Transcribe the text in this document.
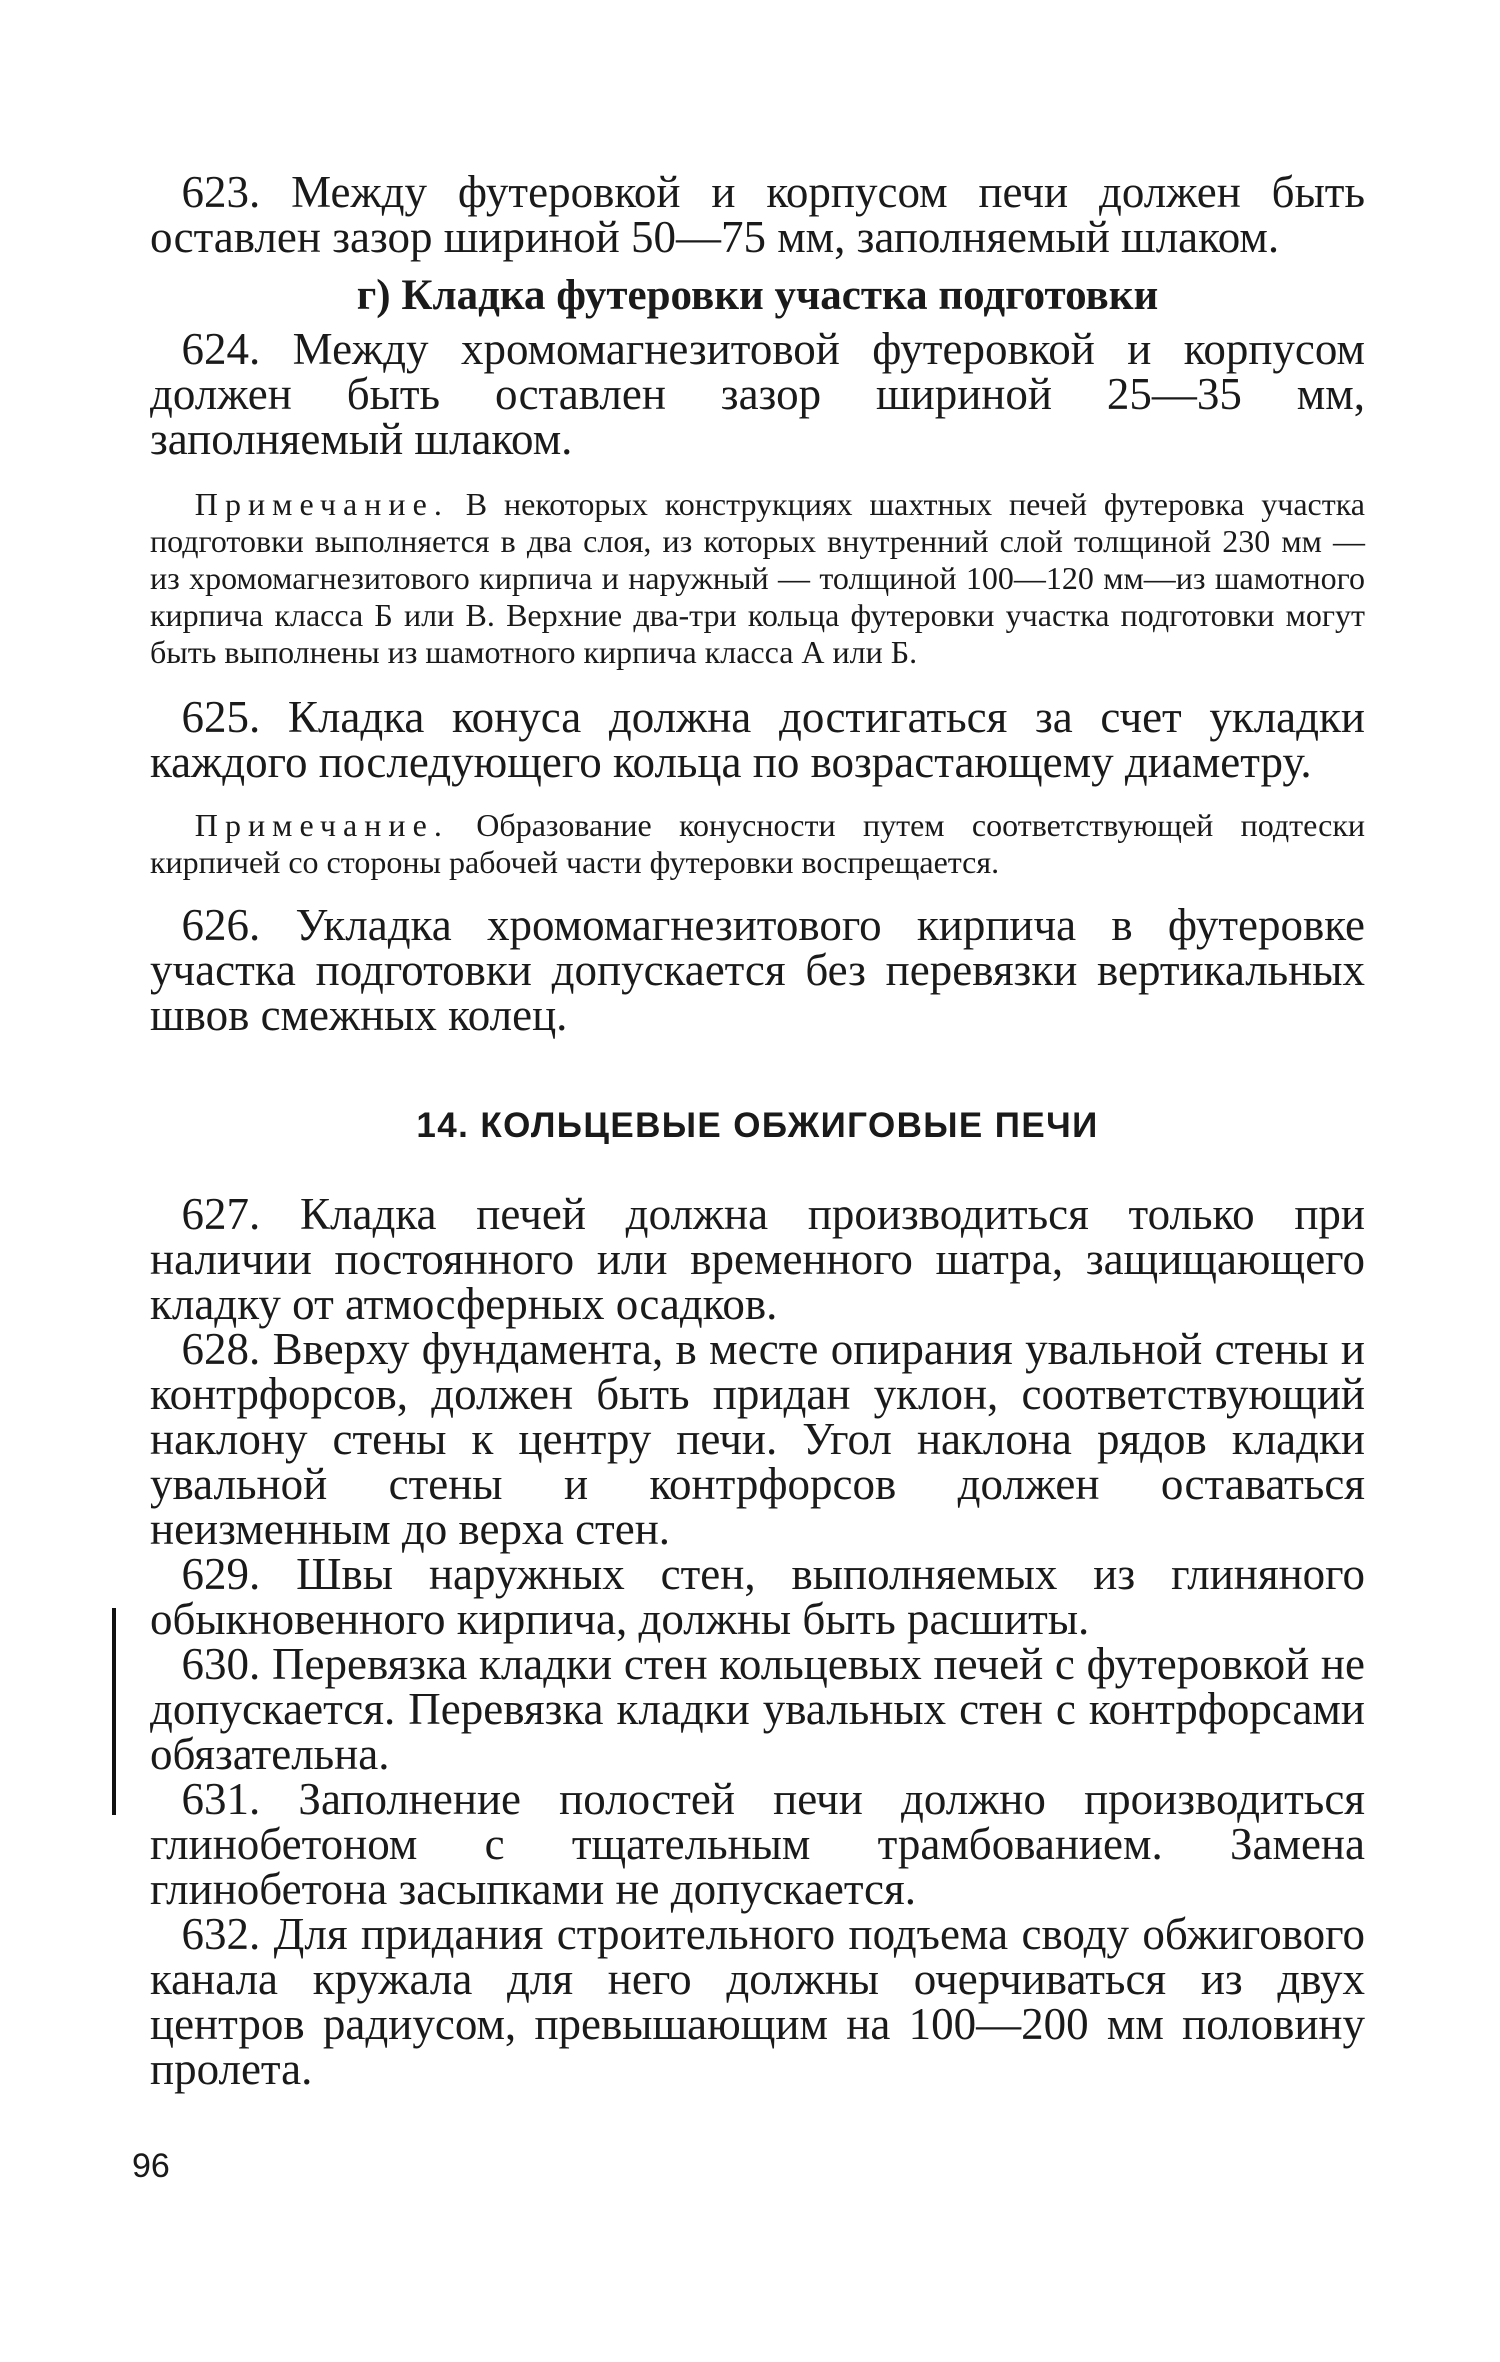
623. Между футеровкой и корпусом печи должен быть оставлен зазор шириной 50—75 мм, заполняемый шлаком.

г) Кладка футеровки участка подготовки

624. Между хромомагнезитовой футеровкой и корпусом должен быть оставлен зазор шириной 25—35 мм, заполняемый шлаком.

Примечание. В некоторых конструкциях шахтных печей футеровка участка подготовки выполняется в два слоя, из которых внутренний слой толщиной 230 мм — из хромомагнезитового кирпича и наружный — толщиной 100—120 мм—из шамотного кирпича класса Б или В. Верхние два-три кольца футеровки участка подготовки могут быть выполнены из шамотного кирпича класса А или Б.

625. Кладка конуса должна достигаться за счет укладки каждого последующего кольца по возрастающему диаметру.

Примечание. Образование конусности путем соответствующей подтески кирпичей со стороны рабочей части футеровки воспрещается.

626. Укладка хромомагнезитового кирпича в футеровке участка подготовки допускается без перевязки вертикальных швов смежных колец.

14. КОЛЬЦЕВЫЕ ОБЖИГОВЫЕ ПЕЧИ

627. Кладка печей должна производиться только при наличии постоянного или временного шатра, защищающего кладку от атмосферных осадков.

628. Вверху фундамента, в месте опирания увальной стены и контрфорсов, должен быть придан уклон, соответствующий наклону стены к центру печи. Угол наклона рядов кладки увальной стены и контрфорсов должен оставаться неизменным до верха стен.

629. Швы наружных стен, выполняемых из глиняного обыкновенного кирпича, должны быть расшиты.

630. Перевязка кладки стен кольцевых печей с футеровкой не допускается. Перевязка кладки увальных стен с контрфорсами обязательна.

631. Заполнение полостей печи должно производиться глинобетоном с тщательным трамбованием. Замена глинобетона засыпками не допускается.

632. Для придания строительного подъема своду обжигового канала кружала для него должны очерчиваться из двух центров радиусом, превышающим на 100—200 мм половину пролета.

96
